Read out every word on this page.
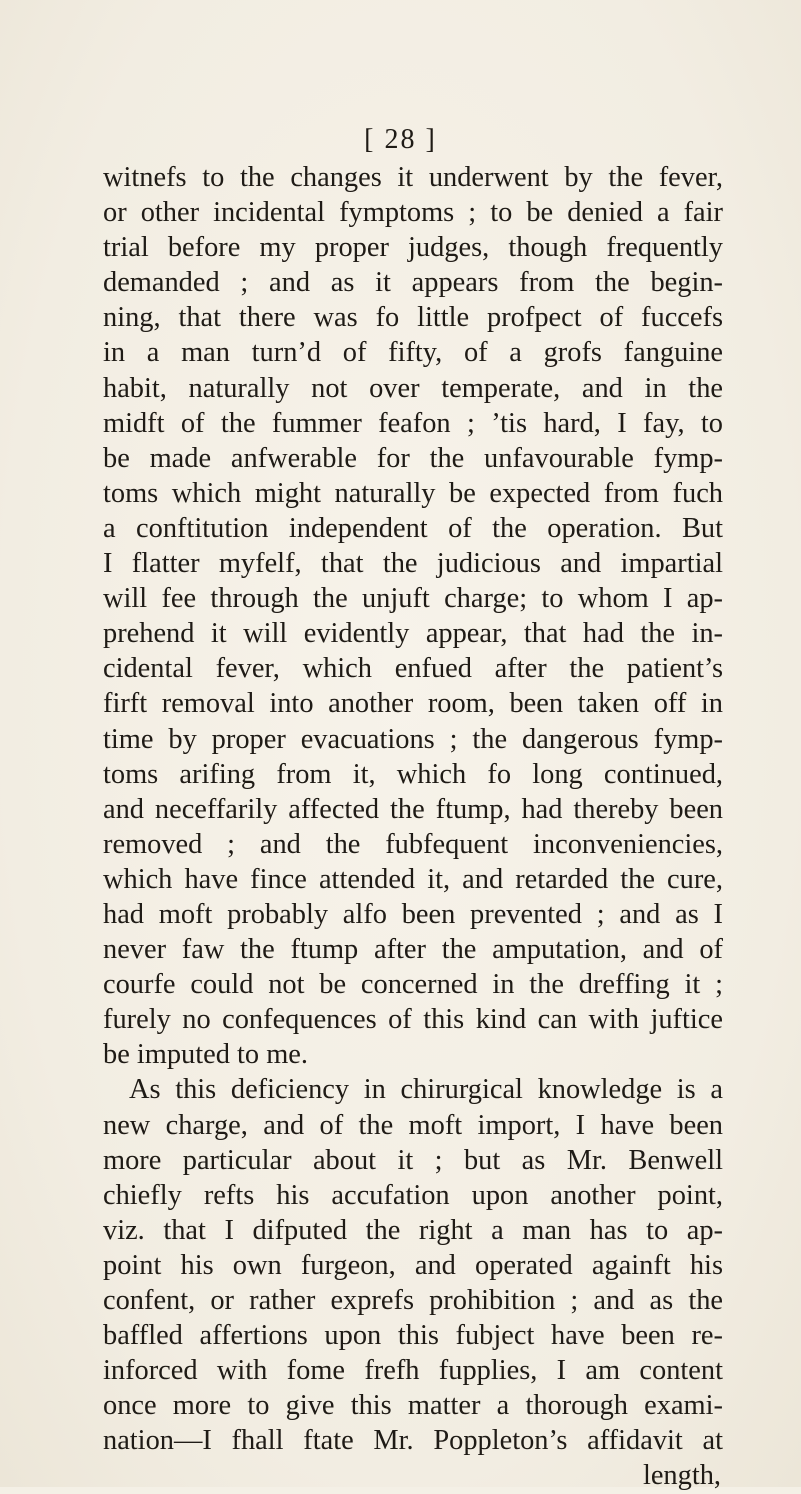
[ 28 ]
witnefs to the changes it underwent by the fever,
or other incidental fymptoms ; to be denied a fair
trial before my proper judges, though frequently
demanded ; and as it appears from the begin-
ning, that there was fo little profpect of fuccefs
in a man turn’d of fifty, of a grofs fanguine
habit, naturally not over temperate, and in the
midft of the fummer feafon ; ’tis hard, I fay, to
be made anfwerable for the unfavourable fymp-
toms which might naturally be expected from fuch
a conftitution independent of the operation. But
I flatter myfelf, that the judicious and impartial
will fee through the unjuft charge; to whom I ap-
prehend it will evidently appear, that had the in-
cidental fever, which enfued after the patient’s
firft removal into another room, been taken off in
time by proper evacuations ; the dangerous fymp-
toms arifing from it, which fo long continued,
and neceffarily affected the ftump, had thereby been
removed ; and the fubfequent inconveniencies,
which have fince attended it, and retarded the cure,
had moft probably alfo been prevented ; and as I
never faw the ftump after the amputation, and of
courfe could not be concerned in the dreffing it ;
furely no confequences of this kind can with juftice
be imputed to me.
As this deficiency in chirurgical knowledge is a
new charge, and of the moft import, I have been
more particular about it ; but as Mr. Benwell
chiefly refts his accufation upon another point,
viz. that I difputed the right a man has to ap-
point his own furgeon, and operated againft his
confent, or rather exprefs prohibition ; and as the
baffled affertions upon this fubject have been re-
inforced with fome frefh fupplies, I am content
once more to give this matter a thorough exami-
nation—I fhall ftate Mr. Poppleton’s affidavit at
length,
